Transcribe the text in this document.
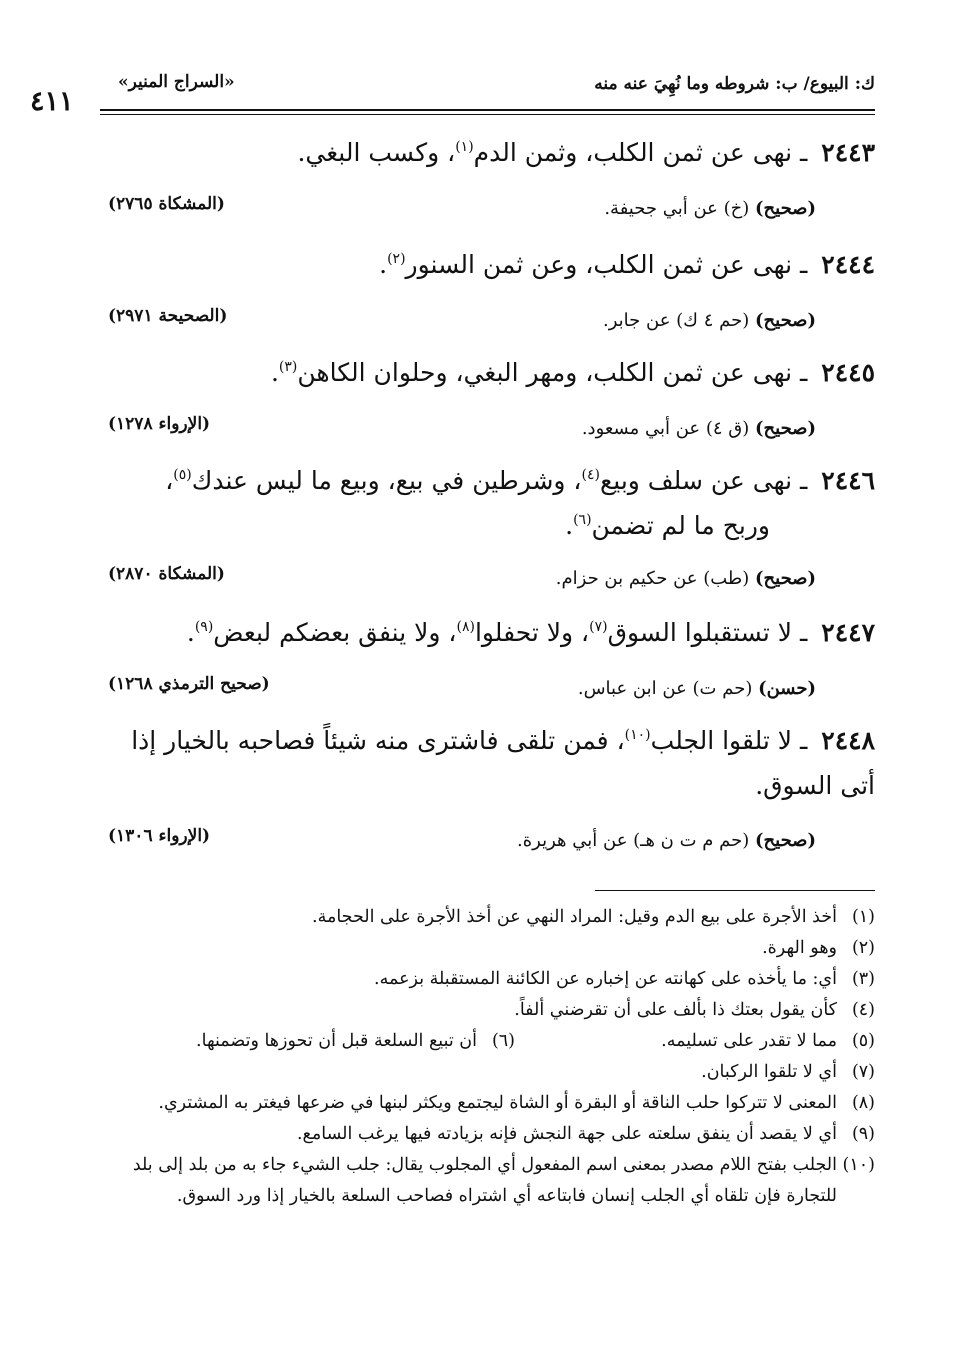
ك: البيوع/ ب: شروطه وما نُهِيَ عنه منه
«السراج المنير»
٤١١
٢٤٤٣ ـ نهى عن ثمن الكلب، وثمن الدم$^{(١)}$، وكسب البغي.
(صحيح) (خ) عن أبي جحيفة.
(المشكاة ٢٧٦٥)
٢٤٤٤ ـ نهى عن ثمن الكلب، وعن ثمن السنور$^{(٢)}$.
(صحيح) (حم ٤ ك) عن جابر.
(الصحيحة ٢٩٧١)
٢٤٤٥ ـ نهى عن ثمن الكلب، ومهر البغي، وحلوان الكاهن$^{(٣)}$.
(صحيح) (ق ٤) عن أبي مسعود.
(الإرواء ١٢٧٨)
٢٤٤٦ ـ نهى عن سلف وبيع$^{(٤)}$، وشرطين في بيع، وبيع ما ليس عندك$^{(٥)}$،
وربح ما لم تضمن$^{(٦)}$.
(صحيح) (طب) عن حكيم بن حزام.
(المشكاة ٢٨٧٠)
٢٤٤٧ ـ لا تستقبلوا السوق$^{(٧)}$، ولا تحفلوا$^{(٨)}$، ولا ينفق بعضكم لبعض$^{(٩)}$.
(حسن) (حم ت) عن ابن عباس.
(صحيح الترمذي ١٢٦٨)
٢٤٤٨ ـ لا تلقوا الجلب$^{(١٠)}$، فمن تلقى فاشترى منه شيئاً فصاحبه بالخيار إذا
أتى السوق.
(صحيح) (حم م ت ن هـ) عن أبي هريرة.
(الإرواء ١٣٠٦)
(١)
أخذ الأجرة على بيع الدم وقيل: المراد النهي عن أخذ الأجرة على الحجامة.
(٢)
وهو الهرة.
(٣)
أي: ما يأخذه على كهانته عن إخباره عن الكائنة المستقبلة بزعمه.
(٤)
كأن يقول بعتك ذا بألف على أن تقرضني ألفاً.
(٥)
مما لا تقدر على تسليمه.
(٦)
أن تبيع السلعة قبل أن تحوزها وتضمنها.
(٧)
أي لا تلقوا الركبان.
(٨)
المعنى لا تتركوا حلب الناقة أو البقرة أو الشاة ليجتمع ويكثر لبنها في ضرعها فيغتر به المشتري.
(٩)
أي لا يقصد أن ينفق سلعته على جهة النجش فإنه بزيادته فيها يرغب السامع.
(١٠)
الجلب بفتح اللام مصدر بمعنى اسم المفعول أي المجلوب يقال: جلب الشيء جاء به من بلد إلى بلد للتجارة فإن تلقاه أي الجلب إنسان فابتاعه أي اشتراه فصاحب السلعة بالخيار إذا ورد السوق.
